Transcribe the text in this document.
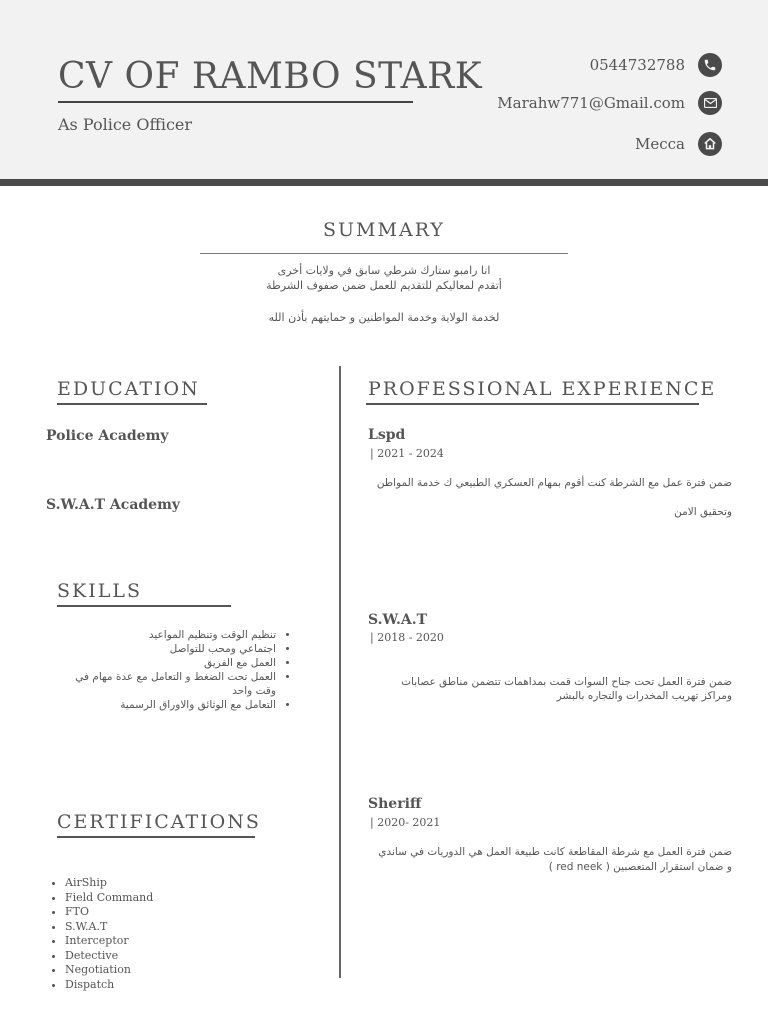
CV OF RAMBO STARK
As Police Officer
0544732788
Marahw771@Gmail.com
Mecca
SUMMARY
انا رامبو ستارك شرطي سابق في ولايات أخرى
أتقدم لمعاليكم للتقديم للعمل ضمن صفوف الشرطة
لخدمة الولاية وخدمة المواطنين و حمايتهم بأذن الله
EDUCATION
Police Academy
S.W.A.T Academy
SKILLS
• تنظيم الوقت وتنظيم المواعيد
• اجتماعي ومحب للتواصل
• العمل مع الفريق
• العمل تحت الضغط و التعامل مع عدة مهام في وقت واحد
• التعامل مع الوثائق والاوراق الرسمية
CERTIFICATIONS
• AirShip
• Field Command
• FTO
• S.W.A.T
• Interceptor
• Detective
• Negotiation
• Dispatch
PROFESSIONAL EXPERIENCE
Lspd
| 2021 - 2024
ضمن فترة عمل مع الشرطة كنت أقوم بمهام العسكري الطبيعي ك خدمة المواطن
وتحقيق الامن
S.W.A.T
| 2018 - 2020
ضمن فترة العمل تحت جناح السوات قمت بمداهمات تتضمن مناطق عصابات
ومراكز تهريب المخدرات والتجاره بالبشر
Sheriff
| 2020- 2021
ضمن فترة العمل مع شرطة المقاطعة كانت طبيعة العمل هي الدوريات في ساندي
و ضمان استقرار المتعصبين ( red neek )
